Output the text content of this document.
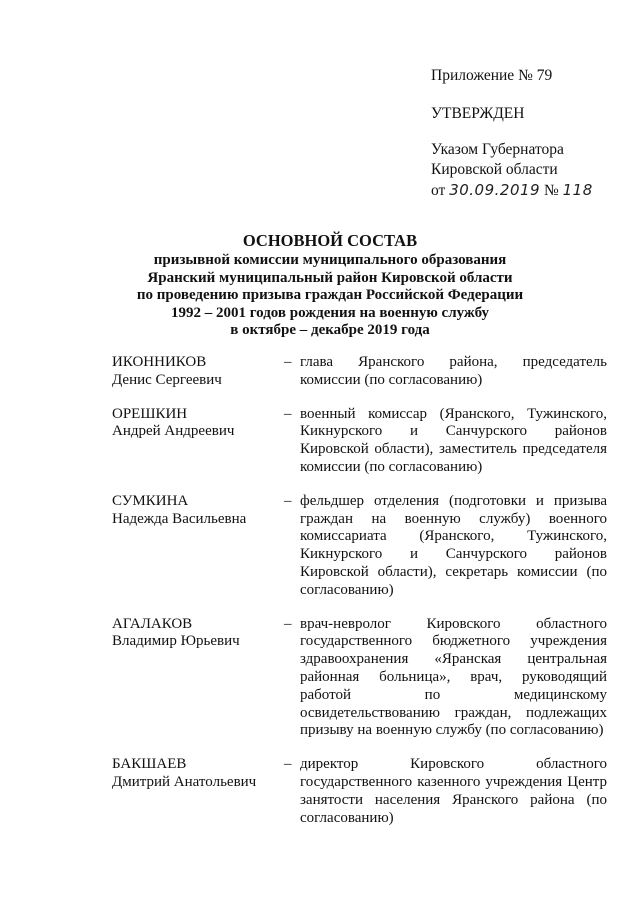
Приложение № 79
УТВЕРЖДЕН
Указом Губернатора
Кировской области
от 30.09.2019 № 118
ОСНОВНОЙ СОСТАВ
призывной комиссии муниципального образования
Яранский муниципальный район Кировской области
по проведению призыва граждан Российской Федерации
1992 – 2001 годов рождения на военную службу
в октябре – декабре 2019 года
ИКОННИКОВ
Денис Сергеевич
– глава Яранского района, председатель комиссии (по согласованию)
ОРЕШКИН
Андрей Андреевич
– военный комиссар (Яранского, Тужинского, Кикнурского и Санчурского районов Кировской области), заместитель председателя комиссии (по согласованию)
СУМКИНА
Надежда Васильевна
– фельдшер отделения (подготовки и призыва граждан на военную службу) военного комиссариата (Яранского, Тужинского, Кикнурского и Санчурского районов Кировской области), секретарь комиссии (по согласованию)
АГАЛАКОВ
Владимир Юрьевич
– врач-невролог Кировского областного государственного бюджетного учреждения здравоохранения «Яранская центральная районная больница», врач, руководящий работой по медицинскому освидетельствованию граждан, подлежащих призыву на военную службу (по согласованию)
БАКШАЕВ
Дмитрий Анатольевич
– директор Кировского областного государственного казенного учреждения Центр занятости населения Яранского района (по согласованию)
